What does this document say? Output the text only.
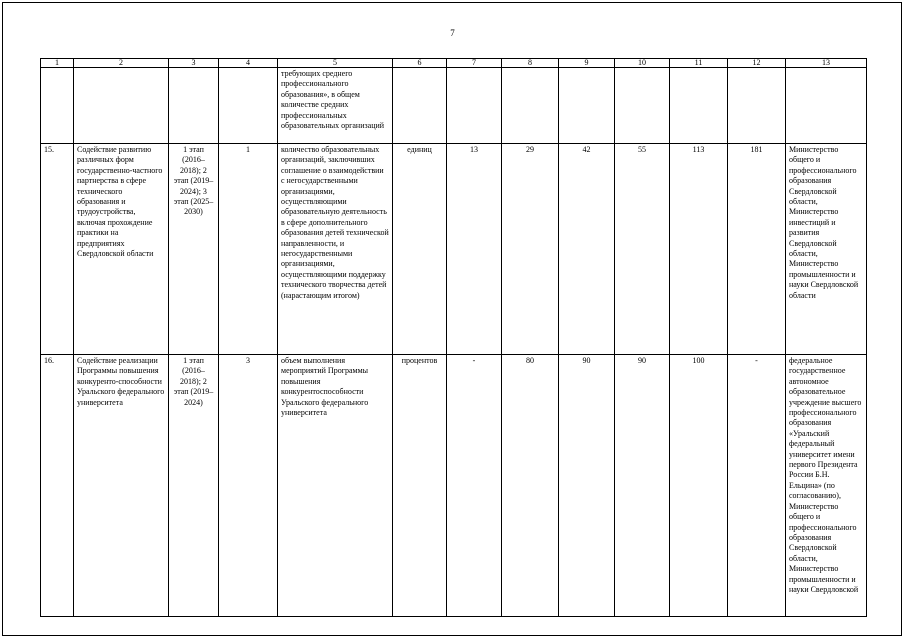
7
1	2	3	4	5	6	7	8	9	10	11	12	13
				требующих среднего профессионального образования», в общем количестве средних профессиональных образовательных организаций								
15.	Содействие развитию различных форм государственно-частного партнерства в сфере технического образования и трудоустройства, включая прохождение практики на предприятиях Свердловской области	1 этап (2016–2018); 2 этап (2019–2024); 3 этап (2025–2030)	1	количество образовательных организаций, заключивших соглашение о взаимодействии с негосударственными организациями, осуществляющими образовательную деятельность в сфере дополнительного образования детей технической направленности, и негосударственными организациями, осуществляющими поддержку технического творчества детей (нарастающим итогом)	единиц	13	29	42	55	113	181	Министерство общего и профессионального образования Свердловской области, Министерство инвестиций и развития Свердловской области, Министерство промышленности и науки Свердловской области
16.	Содействие реализации Программы повышения конкуренто-способности Уральского федерального университета	1 этап (2016–2018); 2 этап (2019–2024)	3	объем выполнения мероприятий Программы повышения конкурентоспособности Уральского федерального университета	процентов	-	80	90	90	100	-	федеральное государственное автономное образовательное учреждение высшего профессионального образования «Уральский федеральный университет имени первого Президента России Б.Н. Ельцина» (по согласованию), Министерство общего и профессионального образования Свердловской области, Министерство промышленности и науки Свердловской
